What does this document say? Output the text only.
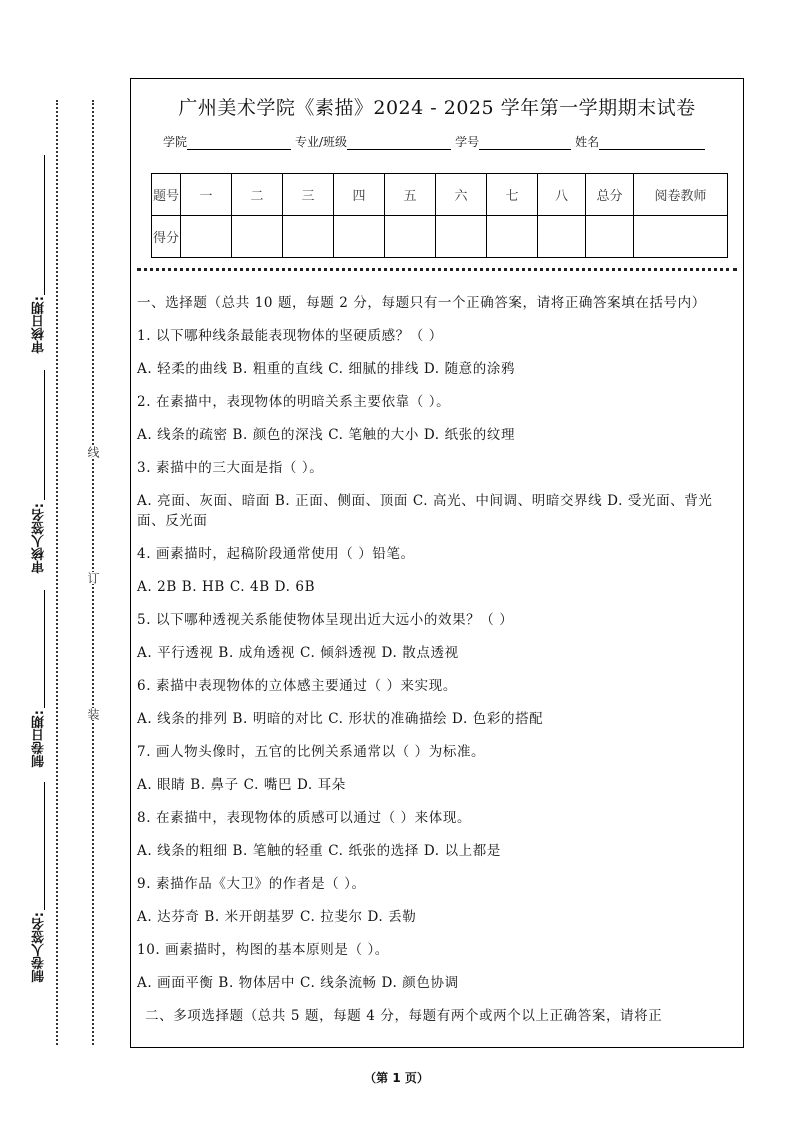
审核日期:
审核人签名:
制卷日期:
制卷人签名:
线
订
装
广州美术学院《素描》2024 - 2025 学年第一学期期末试卷
学院	专业/班级	学号	姓名
题号	一	二	三	四	五	六	七	八	总分	阅卷教师
得分										
一、选择题（总共 10 题，每题 2 分，每题只有一个正确答案，请将正确答案填在括号内）
1. 以下哪种线条最能表现物体的坚硬质感？（ ）
A. 轻柔的曲线 B. 粗重的直线 C. 细腻的排线 D. 随意的涂鸦
2. 在素描中，表现物体的明暗关系主要依靠（ ）。
A. 线条的疏密 B. 颜色的深浅 C. 笔触的大小 D. 纸张的纹理
3. 素描中的三大面是指（ ）。
A. 亮面、灰面、暗面 B. 正面、侧面、顶面 C. 高光、中间调、明暗交界线 D. 受光面、背光面、反光面
4. 画素描时，起稿阶段通常使用（ ）铅笔。
A. 2B B. HB C. 4B D. 6B
5. 以下哪种透视关系能使物体呈现出近大远小的效果？（ ）
A. 平行透视 B. 成角透视 C. 倾斜透视 D. 散点透视
6. 素描中表现物体的立体感主要通过（ ）来实现。
A. 线条的排列 B. 明暗的对比 C. 形状的准确描绘 D. 色彩的搭配
7. 画人物头像时，五官的比例关系通常以（ ）为标准。
A. 眼睛 B. 鼻子 C. 嘴巴 D. 耳朵
8. 在素描中，表现物体的质感可以通过（ ）来体现。
A. 线条的粗细 B. 笔触的轻重 C. 纸张的选择 D. 以上都是
9. 素描作品《大卫》的作者是（ ）。
A. 达芬奇 B. 米开朗基罗 C. 拉斐尔 D. 丢勒
10. 画素描时，构图的基本原则是（ ）。
A. 画面平衡 B. 物体居中 C. 线条流畅 D. 颜色协调
二、多项选择题（总共 5 题，每题 4 分，每题有两个或两个以上正确答案，请将正
（第 1 页）
